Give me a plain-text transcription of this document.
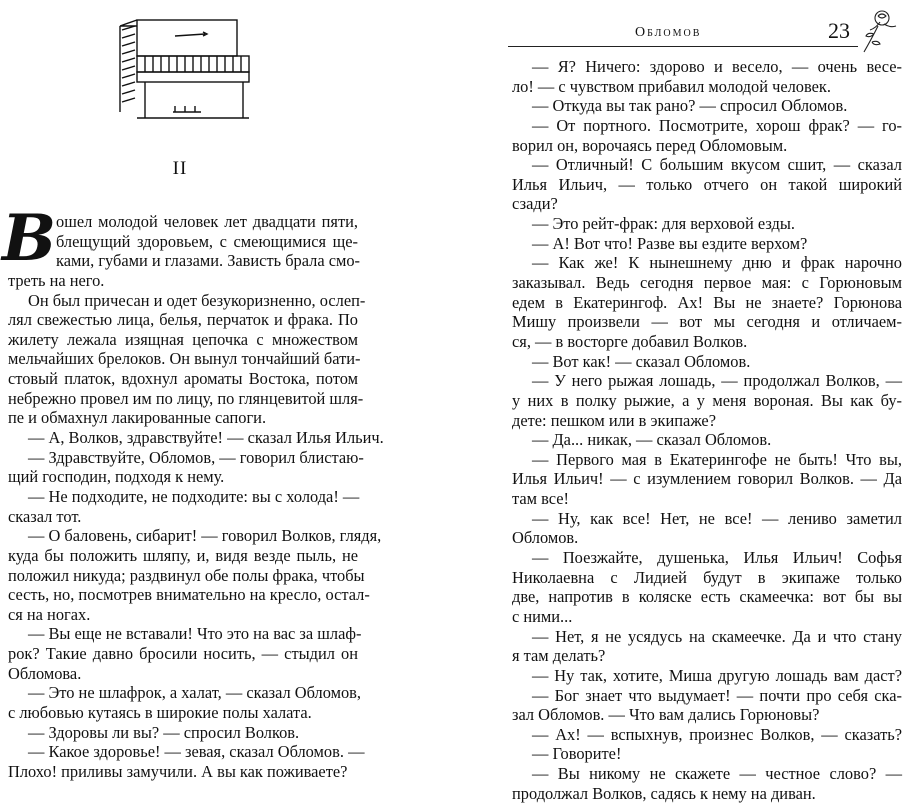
II
В ошел молодой человек лет двадцати пяти,
блещущий здоровьем, с смеющимися ще-
ками, губами и глазами. Зависть брала смо-
треть на него.
Он был причесан и одет безукоризненно, ослеп-
лял свежестью лица, белья, перчаток и фрака. По
жилету лежала изящная цепочка с множеством
мельчайших брелоков. Он вынул тончайший бати-
стовый платок, вдохнул ароматы Востока, потом
небрежно провел им по лицу, по глянцевитой шля-
пе и обмахнул лакированные сапоги.
— А, Волков, здравствуйте! — сказал Илья Ильич.
— Здравствуйте, Обломов, — говорил блистаю-
щий господин, подходя к нему.
— Не подходите, не подходите: вы с холода! —
сказал тот.
— О баловень, сибарит! — говорил Волков, глядя,
куда бы положить шляпу, и, видя везде пыль, не
положил никуда; раздвинул обе полы фрака, чтобы
сесть, но, посмотрев внимательно на кресло, остал-
ся на ногах.
— Вы еще не вставали! Что это на вас за шлаф-
рок? Такие давно бросили носить, — стыдил он
Обломова.
— Это не шлафрок, а халат, — сказал Обломов,
с любовью кутаясь в широкие полы халата.
— Здоровы ли вы? — спросил Волков.
— Какое здоровье! — зевая, сказал Обломов. —
Плохо! приливы замучили. А вы как поживаете?
Обломов	23
— Я? Ничего: здорово и весело, — очень весе-
ло! — с чувством прибавил молодой человек.
— Откуда вы так рано? — спросил Обломов.
— От портного. Посмотрите, хорош фрак? — го-
ворил он, ворочаясь перед Обломовым.
— Отличный! С большим вкусом сшит, — сказал
Илья Ильич, — только отчего он такой широкий
сзади?
— Это рейт-фрак: для верховой езды.
— А! Вот что! Разве вы ездите верхом?
— Как же! К нынешнему дню и фрак нарочно
заказывал. Ведь сегодня первое мая: с Горюновым
едем в Екатерингоф. Ах! Вы не знаете? Горюнова
Мишу произвели — вот мы сегодня и отличаем-
ся, — в восторге добавил Волков.
— Вот как! — сказал Обломов.
— У него рыжая лошадь, — продолжал Волков, —
у них в полку рыжие, а у меня вороная. Вы как бу-
дете: пешком или в экипаже?
— Да... никак, — сказал Обломов.
— Первого мая в Екатерингофе не быть! Что вы,
Илья Ильич! — с изумлением говорил Волков. — Да
там все!
— Ну, как все! Нет, не все! — лениво заметил
Обломов.
— Поезжайте, душенька, Илья Ильич! Софья
Николаевна с Лидией будут в экипаже только
две, напротив в коляске есть скамеечка: вот бы вы
с ними...
— Нет, я не усядусь на скамеечке. Да и что стану
я там делать?
— Ну так, хотите, Миша другую лошадь вам даст?
— Бог знает что выдумает! — почти про себя ска-
зал Обломов. — Что вам дались Горюновы?
— Ах! — вспыхнув, произнес Волков, — сказать?
— Говорите!
— Вы никому не скажете — честное слово? —
продолжал Волков, садясь к нему на диван.
